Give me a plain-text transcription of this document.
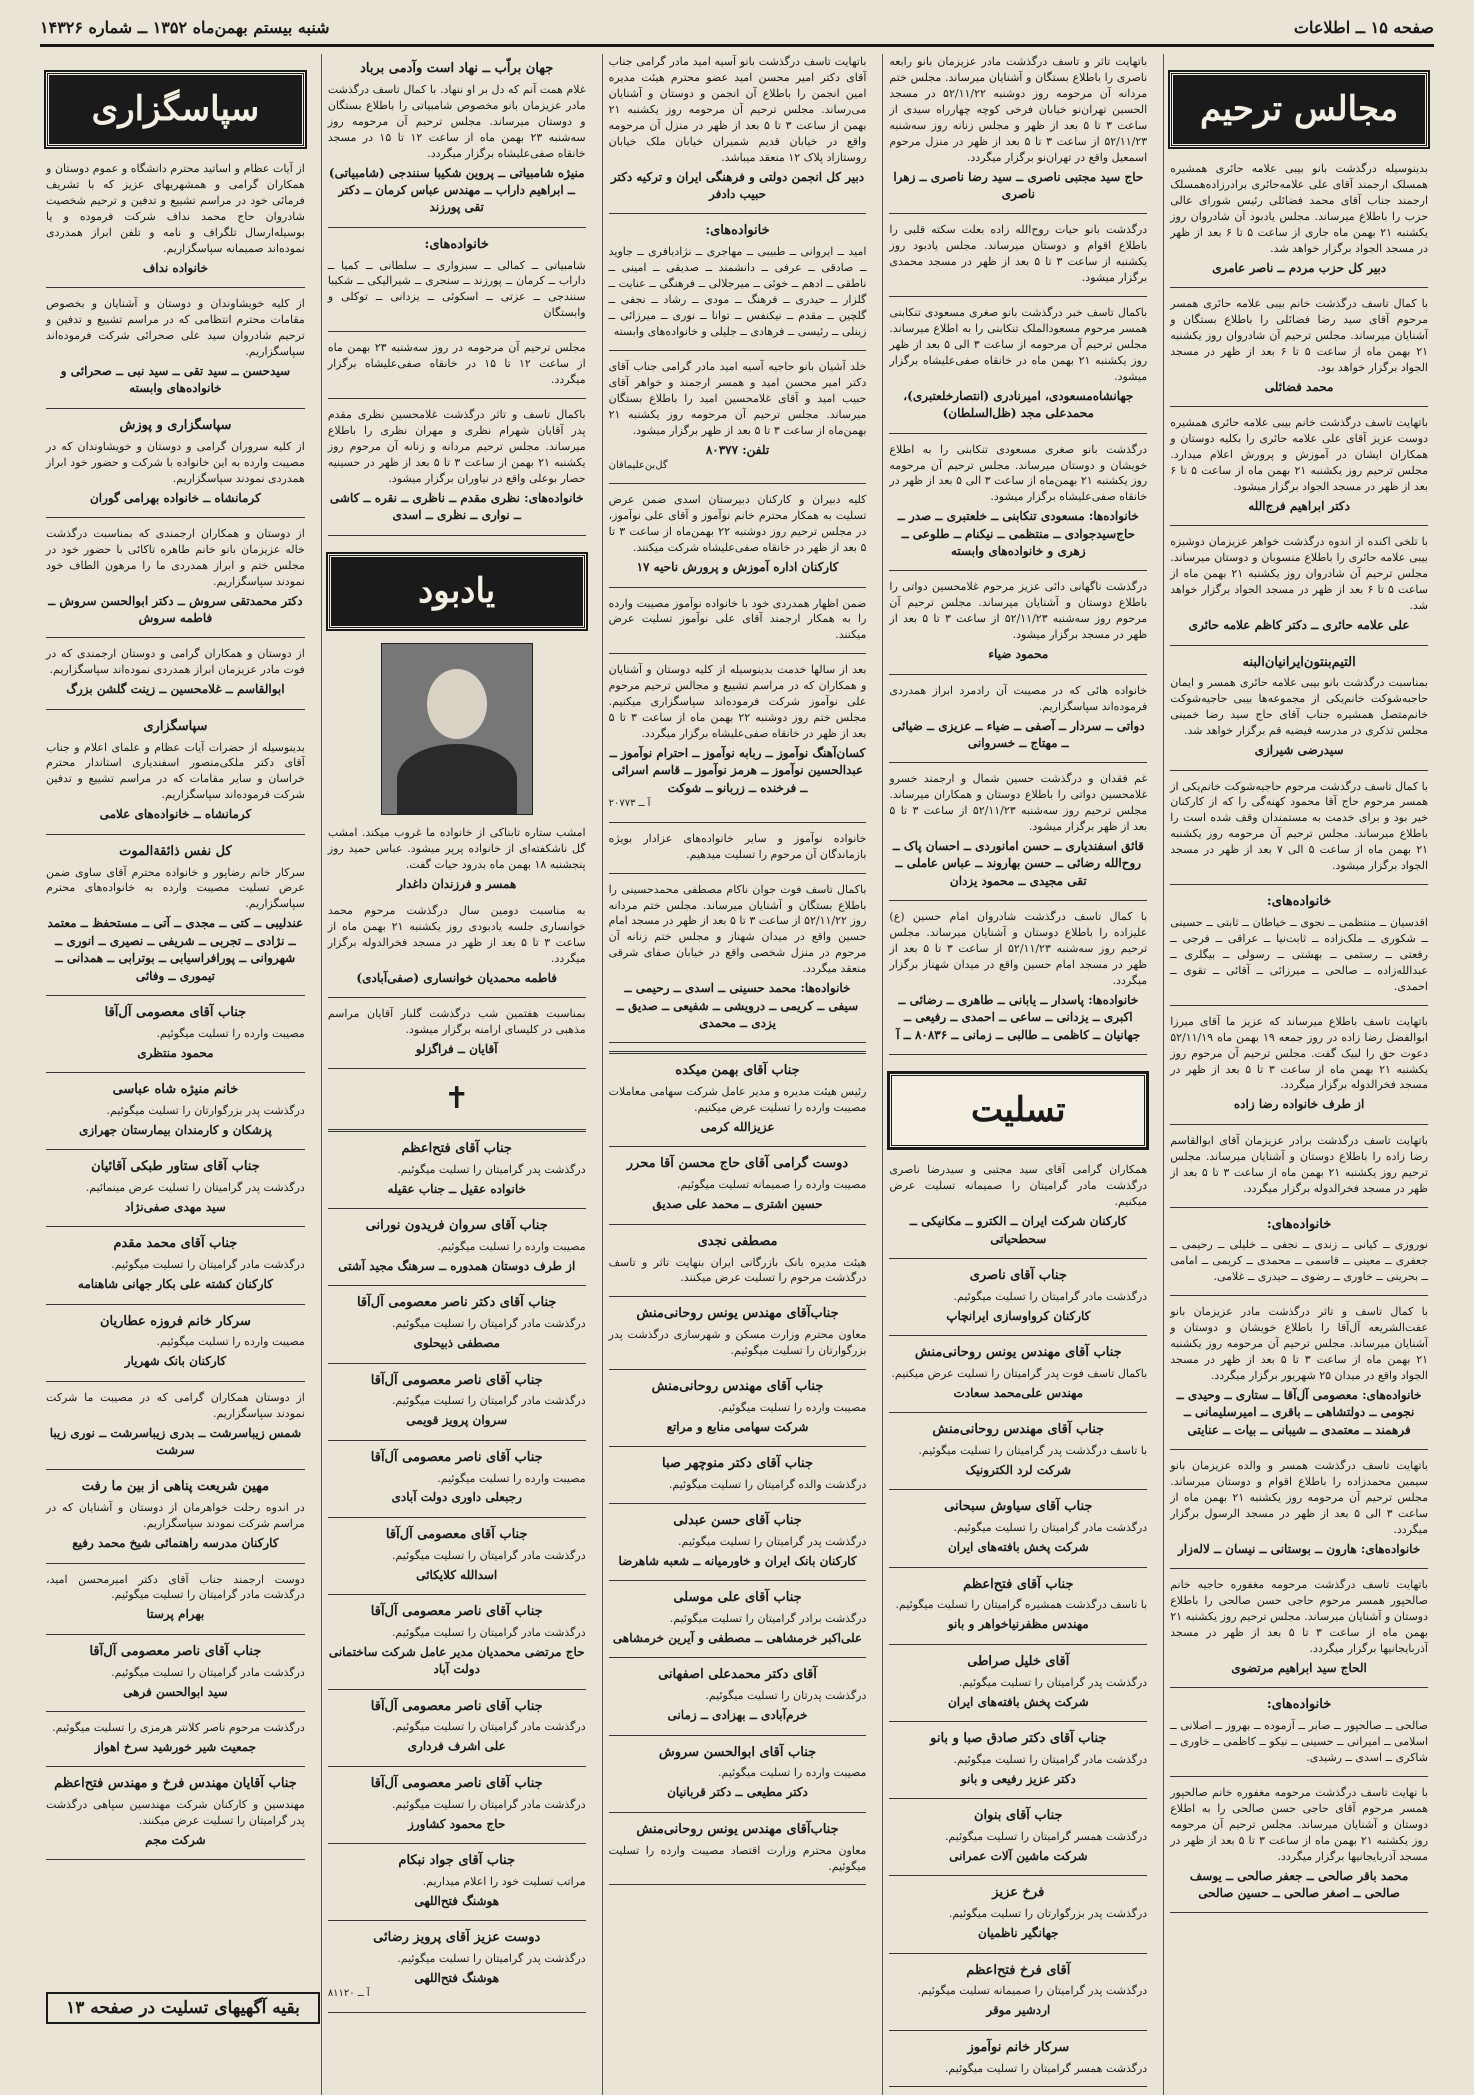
صفحه ۱۵ ــ اطلاعات
شنبه بیستم بهمن‌ماه ۱۳۵۲ ــ شماره ۱۴۳۲۶
مجالس ترحیم

بدینوسیله درگذشت بانو بیبی علامه حائری همشیره همسلک ارجمند آقای علی علامه‌حائری برادرزاده‌همسلک ارجمند جناب آقای محمد فضائلی رئیس شورای عالی حزب را باطلاع میرساند. مجلس یادبود آن شادروان روز یکشنبه ۲۱ بهمن ماه جاری از ساعت ۵ تا ۶ بعد از ظهر در مسجد الجواد برگزار خواهد شد.

دبیر کل حزب مردم ــ ناصر عامری

با کمال تاسف درگذشت خانم بیبی علامه حائری همسر مرحوم آقای سید رضا فضائلی را باطلاع بستگان و آشنایان میرساند. مجلس ترحیم آن شادروان روز یکشنبه ۲۱ بهمن ماه از ساعت ۵ تا ۶ بعد از ظهر در مسجد الجواد برگزار خواهد بود.

محمد فضائلی

باتهایت تاسف درگذشت خانم بیبی علامه حائری همشیره دوست عزیز آقای علی علامه حائری را بکلیه دوستان و همکاران ایشان در آموزش و پرورش اعلام میدارد. مجلس ترحیم روز یکشنبه ۲۱ بهمن ماه از ساعت ۵ تا ۶ بعد از ظهر در مسجد الجواد برگزار میشود.

دکتر ابراهیم فرج‌الله

با تلخی اکنده از اندوه درگذشت خواهر عزیزمان دوشیزه بیبی علامه حائری را باطلاع منسوبان و دوستان میرساند. مجلس ترحیم آن شادروان روز یکشنبه ۲۱ بهمن ماه از ساعت ۵ تا ۶ بعد از ظهر در مسجد الجواد برگزار خواهد شد.

علی علامه حائری ــ دکتر کاظم علامه حائری
التیم‌بنتون‌ایرانیان‌البنه

بمناسبت درگذشت بانو بیبی علامه حائری همسر و ایمان حاجبه‌شوکت خانم‌یکی از مجموعه‌ها بیبی حاجیه‌شوکت خانم‌متصل همشیره جناب آقای حاج سید رضا خمینی مجلس تذکری در مدرسه فیضیه قم برگزار خواهد شد.

سیدرضی شیرازی

با کمال تاسف درگذشت مرحوم حاجیه‌شوکت خانم‌یکی از همسر مرحوم حاج آقا محمود کهنه‌گی را که از کارکنان خیر بود و برای خدمت به مستمندان وقف شده است را باطلاع میرساند. مجلس ترحیم آن مرحومه روز یکشنبه ۲۱ بهمن ماه از ساعت ۵ الی ۷ بعد از ظهر در مسجد الجواد برگزار میشود.

خانواده‌های:

اقدسیان ــ منتظمی ــ نجوی ــ خیاطان ــ ثابتی ــ حسینی ــ شکوری ــ ملک‌زاده ــ ثابت‌نیا ــ عراقی ــ فرجی ــ رفعتی ــ رستمی ــ بهشتی ــ رسولی ــ بیگلری ــ عبدالله‌زاده ــ صالحی ــ میرزائی ــ آقائی ــ تقوی ــ احمدی.

باتهایت تاسف باطلاع میرساند که عزیز ما آقای میرزا ابوالفضل رضا زاده در روز جمعه ۱۹ بهمن ماه ۵۲/۱۱/۱۹ دعوت حق را لبیک گفت. مجلس ترحیم آن مرحوم روز یکشنبه ۲۱ بهمن ماه از ساعت ۳ تا ۵ بعد از ظهر در مسجد فخرالدوله برگزار میگردد.

از طرف خانواده رضا زاده

باتهایت تاسف درگذشت برادر عزیزمان آقای ابوالقاسم رضا زاده را باطلاع دوستان و آشنایان میرساند. مجلس ترحیم روز یکشنبه ۲۱ بهمن ماه از ساعت ۳ تا ۵ بعد از ظهر در مسجد فخرالدوله برگزار میگردد.

خانواده‌های:

نوروزی ــ کیانی ــ زندی ــ نجفی ــ خلیلی ــ رحیمی ــ جعفری ــ معینی ــ قاسمی ــ محمدی ــ کریمی ــ امامی ــ بحرینی ــ خاوری ــ رضوی ــ حیدری ــ غلامی.

با کمال تاسف و تاثر درگذشت مادر عزیزمان بانو عفت‌الشریعه آل‌آقا را باطلاع خویشان و دوستان و آشنایان میرساند. مجلس ترحیم آن مرحومه روز یکشنبه ۲۱ بهمن ماه از ساعت ۳ تا ۵ بعد از ظهر در مسجد الجواد واقع در میدان ۲۵ شهریور برگزار میگردد.

خانواده‌های: معصومی آل‌آقا ــ ستاری ــ وحیدی ــ نجومی ــ دولتشاهی ــ باقری ــ امیرسلیمانی ــ فرهمند ــ معتمدی ــ شیبانی ــ بیات ــ عنایتی

باتهایت تاسف درگذشت همسر و والده عزیزمان بانو سیمین محمدزاده را باطلاع اقوام و دوستان میرساند. مجلس ترحیم آن مرحومه روز یکشنبه ۲۱ بهمن ماه از ساعت ۳ الی ۵ بعد از ظهر در مسجد الرسول برگزار میگردد.

خانواده‌های: هارون ــ بوستانی ــ نیسان ــ لاله‌زار

باتهایت تاسف درگذشت مرحومه مغفوره حاجیه خانم صالحپور همسر مرحوم حاجی حسن صالحی را باطلاع دوستان و آشنایان میرساند. مجلس ترحیم روز یکشنبه ۲۱ بهمن ماه از ساعت ۳ تا ۵ بعد از ظهر در مسجد آذربایجانیها برگزار میگردد.

الحاج سید ابراهیم مرتضوی
خانواده‌های:

صالحی ــ صالحپور ــ صابر ــ آزموده ــ بهروز ــ اصلانی ــ اسلامی ــ امیرانی ــ حسینی ــ نیکو ــ کاظمی ــ خاوری ــ شاکری ــ اسدی ــ رشیدی.

با نهایت تاسف درگذشت مرحومه مغفوره خانم صالحپور همسر مرحوم آقای حاجی حسن صالحی را به اطلاع دوستان و آشنایان میرساند. مجلس ترحیم آن مرحومه روز یکشنبه ۲۱ بهمن ماه از ساعت ۳ تا ۵ بعد از ظهر در مسجد آذربایجانیها برگزار میگردد.

محمد باقر صالحی ــ جعفر صالحی ــ یوسف صالحی ــ اصغر صالحی ــ حسین صالحی

باتهایت تاثر و تاسف درگذشت مادر عزیزمان بانو رابعه ناصری را باطلاع بستگان و آشنایان میرساند. مجلس ختم مردانه آن مرحومه روز دوشنبه ۵۲/۱۱/۲۲ در مسجد الحسین تهران‌نو خیابان فرخی کوچه چهارراه سیدی از ساعت ۳ تا ۵ بعد از ظهر و مجلس زنانه روز سه‌شنبه ۵۲/۱۱/۲۳ از ساعت ۳ تا ۵ بعد از ظهر در منزل مرحوم اسمعیل واقع در تهران‌نو برگزار میگردد.

حاج سید مجتبی ناصری ــ سید رضا ناصری ــ زهرا ناصری

درگذشت بانو حیات روح‌الله زاده بعلت سکته قلبی را باطلاع اقوام و دوستان میرساند. مجلس یادبود روز یکشنبه از ساعت ۳ تا ۵ بعد از ظهر در مسجد محمدی برگزار میشود.

باکمال تاسف خبر درگذشت بانو صغری مسعودی تنکابنی همسر مرحوم مسعودالملک تنکابنی را به اطلاع میرساند. مجلس ترحیم آن مرحومه از ساعت ۳ الی ۵ بعد از ظهر روز یکشنبه ۲۱ بهمن ماه در خانقاه صفی‌علیشاه برگزار میشود.

جهانشاه‌مسعودی، امیرنادری (انتصارخلعتبری)، محمدعلی مجد (ظل‌السلطان)

درگذشت بانو صغری مسعودی تنکابنی را به اطلاع خویشان و دوستان میرساند. مجلس ترحیم آن مرحومه روز یکشنبه ۲۱ بهمن‌ماه از ساعت ۳ الی ۵ بعد از ظهر در خانقاه صفی‌علیشاه برگزار میشود.

خانواده‌ها: مسعودی تنکابنی ــ خلعتبری ــ صدر ــ حاج‌سیدجوادی ــ منتظمی ــ نیکنام ــ طلوعی ــ زهری و خانواده‌های وابسته

درگذشت ناگهانی دائی عزیز مرحوم غلامحسین دواتی را باطلاع دوستان و آشنایان میرساند. مجلس ترحیم آن مرحوم روز سه‌شنبه ۵۲/۱۱/۲۳ از ساعت ۳ تا ۵ بعد از ظهر در مسجد برگزار میشود.

محمود ضیاء

خانواده هائی که در مصیبت آن رادمرد ابراز همدردی فرموده‌اند سپاسگزاریم.

دواتی ــ سردار ــ آصفی ــ ضیاء ــ عزیزی ــ ضیائی ــ مهتاج ــ خسروانی

غم فقدان و درگذشت حسین شمال و ارجمند خسرو غلامحسین دواتی را باطلاع دوستان و همکاران میرساند. مجلس ترحیم روز سه‌شنبه ۵۲/۱۱/۲۳ از ساعت ۳ تا ۵ بعد از ظهر برگزار میشود.

قائق اسفندیاری ــ حسن امانوردی ــ احسان پاک ــ روح‌الله رضائی ــ حسن بهاروند ــ عباس عاملی ــ تقی مجیدی ــ محمود یزدان

با کمال تاسف درگذشت شادروان امام حسین (ع) علیزاده را باطلاع دوستان و آشنایان میرساند. مجلس ترحیم روز سه‌شنبه ۵۲/۱۱/۲۳ از ساعت ۳ تا ۵ بعد از ظهر در مسجد امام حسین واقع در میدان شهناز برگزار میگردد.

خانواده‌ها: پاسدار ــ یابانی ــ طاهری ــ رضائی ــ اکبری ــ یزدانی ــ ساعی ــ احمدی ــ رفیعی ــ جهانیان ــ کاظمی ــ طالبی ــ زمانی ــ ۸۰۸۳۶ ــ آ
تسلیت

همکاران گرامی آقای سید مجتبی و سیدرضا ناصری درگذشت مادر گرامیتان را صمیمانه تسلیت عرض میکنیم.

کارکنان شرکت ایران ــ الکترو ــ مکانیکی ــ سحطحیاتی
جناب آقای ناصری

درگذشت مادر گرامیتان را تسلیت میگوئیم.

کارکنان کرواوسازی ایرانچاپ
جناب آقای مهندس یونس روحانی‌منش

باکمال تاسف فوت پدر گرامیتان را تسلیت عرض میکنیم.

مهندس علی‌محمد سعادت
جناب آقای مهندس روحانی‌منش

با تاسف درگذشت پدر گرامیتان را تسلیت میگوئیم.

شرکت لرد الکترونیک
جناب آقای سیاوش سبحانی

درگذشت مادر گرامیتان را تسلیت میگوئیم.

شرکت پخش بافته‌های ایران
جناب آقای فتح‌اعظم

با تاسف درگذشت همشیره گرامیتان را تسلیت میگوئیم.

مهندس مظفرنیاخواهر و بانو
آقای خلیل صراطی

درگذشت پدر گرامیتان را تسلیت میگوئیم.

شرکت پخش بافته‌های ایران
جناب آقای دکتر صادق صبا و بانو

درگذشت مادر گرامیتان را تسلیت میگوئیم.

دکتر عزیز رفیعی و بانو
جناب آقای بنوان

درگذشت همسر گرامیتان را تسلیت میگوئیم.

شرکت ماشین آلات عمرانی
فرخ عزیز

درگذشت پدر بزرگوارتان را تسلیت میگوئیم.

جهانگیر ناظمیان
آقای فرخ فتح‌اعظم

درگذشت پدر گرامیتان را صمیمانه تسلیت میگوئیم.

اردشیر موقر
سرکار خانم نوآموز

درگذشت همسر گرامیتان را تسلیت میگوئیم.

باتهایت تاسف درگذشت بانو آسیه امید مادر گرامی جناب آقای دکتر امیر محسن امید عضو محترم هیئت مدیره امین انجمن را باطلاع آن انجمن و دوستان و آشنایان می‌رساند. مجلس ترحیم آن مرحومه روز یکشنبه ۲۱ بهمن از ساعت ۳ تا ۵ بعد از ظهر در منزل آن مرحومه واقع در خیابان قدیم شمیران خیابان ملک خیابان روستازاد پلاک ۱۲ منعقد میباشد.

دبیر کل انجمن دولتی و فرهنگی ایران و ترکیه دکتر حبیب دادفر
خانواده‌های:

امید ــ ایروانی ــ طبیبی ــ مهاجری ــ نژادیافری ــ جاوید ــ صادقی ــ عرفی ــ دانشمند ــ صدیقی ــ امینی ــ ناطقی ــ ادهم ــ خوئی ــ میرجلالی ــ فرهنگی ــ عنایت ــ گلزار ــ حیدری ــ فرهنگ ــ مودی ــ رشاد ــ نجفی ــ گلچین ــ مقدم ــ نیکنفس ــ توانا ــ نوری ــ میرزائی ــ زینلی ــ رئیسی ــ فرهادی ــ جلیلی و خانواده‌های وابسته

خلد آشیان بانو حاجیه آسیه امید مادر گرامی جناب آقای دکتر امیر محسن امید و همسر ارجمند و خواهر آقای حبیب امید و آقای غلامحسین امید را باطلاع بستگان میرساند. مجلس ترحیم آن مرحومه روز یکشنبه ۲۱ بهمن‌ماه از ساعت ۳ تا ۵ بعد از ظهر برگزار میشود.

تلفن: ۸۰۳۷۷
گل‌بن‌علیماقان

کلیه دبیران و کارکنان دبیرستان اسدی ضمن عرض تسلیت به همکار محترم خانم نوآموز و آقای علی نوآموز، در مجلس ترحیم روز دوشنبه ۲۲ بهمن‌ماه از ساعت ۳ تا ۵ بعد از ظهر در خانقاه صفی‌علیشاه شرکت میکنند.

کارکنان اداره آموزش و پرورش ناحیه ۱۷

ضمن اظهار همدردی خود با خانواده نوآموز مصیبت وارده را به همکار ارجمند آقای علی نوآموز تسلیت عرض میکنند.

بعد از سالها خدمت بدینوسیله از کلیه دوستان و آشنایان و همکاران که در مراسم تشییع و مجالس ترحیم مرحوم علی نوآموز شرکت فرموده‌اند سپاسگزاری میکنیم. مجلس ختم روز دوشنبه ۲۲ بهمن ماه از ساعت ۳ تا ۵ بعد از ظهر در خانقاه صفی‌علیشاه برگزار میگردد.

کسان‌آهنگ‌ نوآموز ــ ربابه نوآموز ــ احترام نوآموز ــ عبدالحسین نوآموز ــ هرمز نوآموز ــ قاسم اسرائی ــ فرخنده ــ زربانو ــ شوکت
آ ــ ۲۰۷۷۳

خانواده نوآموز و سایر خانواده‌های عزادار بویژه بازماندگان آن مرحوم را تسلیت میدهیم.

باکمال تاسف فوت جوان ناکام مصطفی محمدحسینی را باطلاع بستگان و آشنایان میرساند. مجلس ختم مردانه روز ۵۲/۱۱/۲۲ از ساعت ۳ تا ۵ بعد از ظهر در مسجد امام حسین واقع در میدان شهناز و مجلس ختم زنانه آن مرحوم در منزل شخصی واقع در خیابان صفای شرقی منعقد میگردد.

خانواده‌ها: محمد حسینی ــ اسدی ــ رحیمی ــ سیفی ــ کریمی ــ درویشی ــ شفیعی ــ صدیق ــ یزدی ــ محمدی
جناب آقای بهمن میکده

رئیس هیئت مدیره و مدیر عامل شرکت سهامی معاملات مصیبت وارده را تسلیت عرض میکنیم.

عزیزالله کرمی
دوست گرامی آقای حاج محسن آقا محرر

مصیبت وارده را صمیمانه تسلیت میگوئیم.

حسین اشتری ــ محمد علی صدیق
مصطفی نجدی

هیئت مدیره بانک بازرگانی ایران بنهایت تاثر و تاسف درگذشت مرحوم را تسلیت عرض میکنند.

جناب‌آقای مهندس یونس روحانی‌منش

معاون محترم وزارت مسکن و شهرسازی درگذشت پدر بزرگوارتان را تسلیت میگوئیم.

جناب آقای مهندس روحانی‌منش

مصیبت وارده را تسلیت میگوئیم.

شرکت سهامی منابع و مراتع
جناب آقای دکتر منوچهر صبا

درگذشت والده گرامیتان را تسلیت میگوئیم.

جناب آقای حسن عبدلی

درگذشت پدر گرامیتان را تسلیت میگوئیم.

کارکنان بانک ایران و خاورمیانه ــ شعبه شاهرضا
جناب آقای علی موسلی

درگذشت برادر گرامیتان را تسلیت میگوئیم.

علی‌اکبر خرمشاهی ــ مصطفی و آیرین خرمشاهی
آقای دکتر محمدعلی اصفهانی

درگذشت پدرتان را تسلیت میگوئیم.

خرم‌آبادی ــ بهزادی ــ زمانی
جناب آقای ابوالحسن سروش

مصیبت وارده را تسلیت میگوئیم.

دکتر مطیعی ــ دکتر قربانیان
جناب‌آقای مهندس یونس روحانی‌منش

معاون محترم وزارت اقتصاد مصیبت وارده را تسلیت میگوئیم.

جهان براّب ــ نهاد است وآدمی برباد

غلام همت آنم که دل بر او ننهاد. با کمال تاسف درگذشت مادر عزیزمان بانو مخصوص شامبیاتی را باطلاع بستگان و دوستان میرساند. مجلس ترحیم آن مرحومه روز سه‌شنبه ۲۳ بهمن ماه از ساعت ۱۲ تا ۱۵ در مسجد خانقاه صفی‌علیشاه برگزار میگردد.

منیژه شامبیاتی ــ پروین شکیبا سنندجی (شامبیاتی) ــ ابراهیم داراب ــ مهندس عباس کرمان ــ دکتر تقی پورزند
خانواده‌های:

شامبیاتی ــ کمالی ــ سبزواری ــ سلطانی ــ کمیا ــ داراب ــ کرمان ــ پورزند ــ سنجری ــ شیرالیکی ــ شکیبا سنندجی ــ عزتی ــ اسکوئی ــ یزدانی ــ توکلی و وابستگان

مجلس ترحیم آن مرحومه در روز سه‌شنبه ۲۳ بهمن ماه از ساعت ۱۲ تا ۱۵ در خانقاه صفی‌علیشاه برگزار میگردد.

باکمال تاسف و تاثر درگذشت غلامحسین نظری مقدم پدر آقایان شهرام نظری و مهران نظری را باطلاع میرساند. مجلس ترحیم مردانه و زنانه آن مرحوم روز یکشنبه ۲۱ بهمن از ساعت ۳ تا ۵ بعد از ظهر در حسینیه حصار بوعلی واقع در نیاوران برگزار میشود.

خانواده‌های: نظری مقدم ــ ناظری ــ نقره ــ کاشی ــ نواری ــ نظری ــ اسدی
یادبود

امشب ستاره تابناکی از خانواده ما غروب میکند. امشب گل ناشکفته‌ای از خانواده پرپر میشود. عباس حمید روز پنجشنبه ۱۸ بهمن ماه بدرود حیات گفت.

همسر و فرزندان داغدار

به مناسبت دومین سال درگذشت مرحوم محمد خوانساری جلسه یادبودی روز یکشنبه ۲۱ بهمن ماه از ساعت ۳ تا ۵ بعد از ظهر در مسجد فخرالدوله برگزار میگردد.

فاطمه محمدیان خوانساری (صفی‌آبادی)

بمناسبت هفتمین شب درگذشت گلبار آقایان مراسم مذهبی در کلیسای ارامنه برگزار میشود.

آقایان ــ فراگزلو
✝
جناب آقای فتح‌اعظم

درگذشت پدر گرامیتان را تسلیت میگوئیم.

خانواده عقیل ــ جناب عقیله
جناب آقای سروان فریدون نورانی

مصیبت وارده را تسلیت میگوئیم.

از طرف دوستان همدوره ــ سرهنگ مجید آشتی
جناب آقای دکتر ناصر معصومی آل‌آقا

درگذشت مادر گرامیتان را تسلیت میگوئیم.

مصطفی ذبیحلوی
جناب آقای ناصر معصومی آل‌آقا

درگذشت مادر گرامیتان را تسلیت میگوئیم.

سروان پرویز قویمی
جناب آقای ناصر معصومی آل‌آقا

مصیبت وارده را تسلیت میگوئیم.

رجبعلی داوری دولت آبادی
جناب آقای معصومی آل‌آقا

درگذشت مادر گرامیتان را تسلیت میگوئیم.

اسدالله کلایکائی
جناب آقای ناصر معصومی آل‌آقا

درگذشت مادر گرامیتان را تسلیت میگوئیم.

حاج مرتضی محمدیان مدیر عامل شرکت ساختمانی دولت آباد
جناب آقای ناصر معصومی آل‌آقا

درگذشت مادر گرامیتان را تسلیت میگوئیم.

علی اشرف فرداری
جناب آقای ناصر معصومی آل‌آقا

درگذشت مادر گرامیتان را تسلیت میگوئیم.

حاج محمود کشاورز
جناب آقای جواد نبکام

مراتب تسلیت خود را اعلام میداریم.

هوشنگ فتح‌اللهی
دوست عزیز آقای پرویز رضائی

درگذشت پدر گرامیتان را تسلیت میگوئیم.

هوشنگ فتح‌اللهی
آ ــ ۸۱۱۲۰
سپاسگزاری

از آیات عظام و اساتید محترم دانشگاه و عموم دوستان و همکاران گرامی و همشهریهای عزیز که با تشریف فرمائی خود در مراسم تشییع و تدفین و ترحیم شخصیت شادروان حاج محمد نداف شرکت فرموده و یا بوسیله‌ارسال تلگراف و نامه و تلفن ابراز همدردی نموده‌اند صمیمانه سپاسگزاریم.

خانواده نداف

از کلیه خویشاوندان و دوستان و آشنایان و بخصوص مقامات محترم انتظامی که در مراسم تشییع و تدفین و ترحیم شادروان سید علی صحرائی شرکت فرموده‌اند سپاسگزاریم.

سیدحسن ــ سید تقی ــ سید نبی ــ صحرائی و خانواده‌های وابسته
سپاسگزاری و پوزش

از کلیه سروران گرامی و دوستان و خویشاوندان که در مصیبت وارده به این خانواده با شرکت و حضور خود ابراز همدردی نمودند سپاسگزاریم.

کرمانشاه ــ خانواده بهرامی گوران

از دوستان و همکاران ارجمندی که بمناسبت درگذشت خاله عزیزمان بانو خانم طاهره تاکائی با حضور خود در مجلس ختم و ابراز همدردی ما را مرهون الطاف خود نمودند سپاسگزاریم.

دکتر محمدتقی سروش ــ دکتر ابوالحسن سروش ــ فاطمه سروش

از دوستان و همکاران گرامی و دوستان ارجمندی که در فوت مادر عزیزمان ابراز همدردی نموده‌اند سپاسگزاریم.

ابوالقاسم ــ غلامحسین ــ زینت گلشن بزرگ
سپاسگزاری

بدینوسیله از حضرات آیات عظام و علمای اعلام و جناب آقای دکتر ملکی‌منصور اسفندیاری استاندار محترم خراسان و سایر مقامات که در مراسم تشییع و تدفین شرکت فرموده‌اند سپاسگزاریم.

کرمانشاه ــ خانواده‌های علامی
کل نفس ذائقةالموت

سرکار خانم رضاپور و خانواده محترم آقای ساوی ضمن عرض تسلیت مصیبت وارده به خانواده‌های محترم سپاسگزاریم.

عندلیبی ــ کتی ــ مجدی ــ آتی ــ مستحفظ ــ معتمد ــ نژادی ــ تجربی ــ شریفی ــ نصیری ــ انوری ــ شهروانی ــ پورافراسیابی ــ بوترابی ــ همدانی ــ تیموری ــ وفائی
جناب آقای معصومی آل‌آقا

مصیبت وارده را تسلیت میگوئیم.

محمود منتظری
خانم منیژه شاه عباسی

درگذشت پدر بزرگوارتان را تسلیت میگوئیم.

پزشکان و کارمندان بیمارستان جهرازی
جناب آقای ستاور طبکی آقائیان

درگذشت پدر گرامیتان را تسلیت عرض مینمائیم.

سید مهدی صفی‌نژاد
جناب آقای محمد مقدم

درگذشت مادر گرامیتان را تسلیت میگوئیم.

کارکنان کشته علی بکار جهانی شاهنامه
سرکار خانم فروزه عطاریان

مصیبت وارده را تسلیت میگوئیم.

کارکنان بانک شهریار

از دوستان همکاران گرامی که در مصیبت ما شرکت نمودند سپاسگزاریم.

شمس زیباسرشت ــ بدری زیباسرشت ــ نوری زیبا سرشت
مهین شریعت پناهی از بین ما رفت

در اندوه رحلت خواهرمان از دوستان و آشنایان که در مراسم شرکت نمودند سپاسگزاریم.

کارکنان مدرسه راهنمائی شیخ محمد رفیع

دوست ارجمند جناب آقای دکتر امیرمحسن امید، درگذشت مادر گرامیتان را تسلیت میگوئیم.

بهرام پرستا
جناب آقای ناصر معصومی آل‌آقا

درگذشت مادر گرامیتان را تسلیت میگوئیم.

سید ابوالحسن فرهی

درگذشت مرحوم ناصر کلانتر هرمزی را تسلیت میگوئیم.

جمعیت شیر خورشید سرخ اهواز
جناب آقایان مهندس فرخ و مهندس فتح‌اعظم

مهندسین و کارکنان شرکت مهندسین سپاهی درگذشت پدر گرامیتان را تسلیت عرض میکنند.

شرکت مجم
بقیه آگهیهای تسلیت در صفحه ۱۳
